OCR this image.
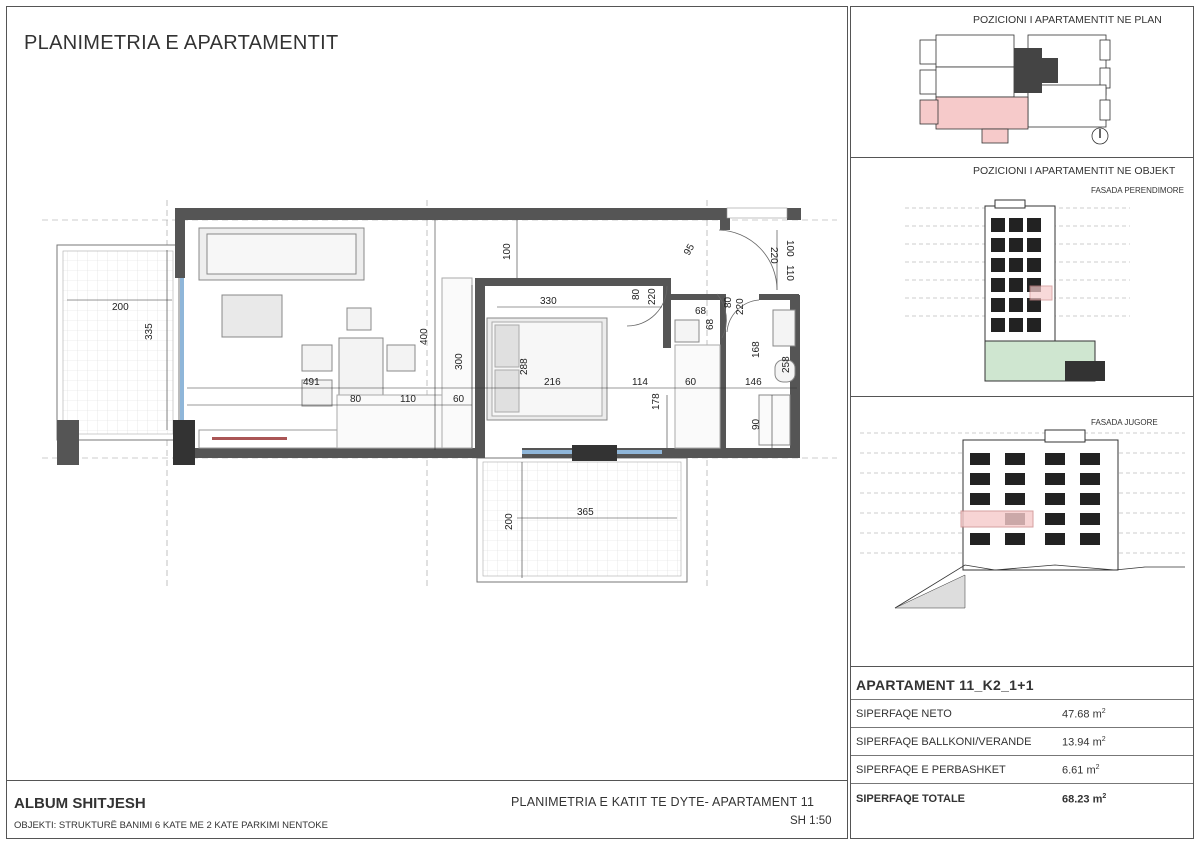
PLANIMETRIA E APARTAMENTIT
200
335
491
400
300
330
100
288
216
95
80 220	80 220
220 100
110
68
68
168
258
80	110	60
114	60	146
178
90
365
200
ALBUM SHITJESH
OBJEKTI: STRUKTURË BANIMI 6 KATE ME 2 KATE PARKIMI NENTOKE
PLANIMETRIA E KATIT TE DYTE- APARTAMENT 11
SH 1:50
POZICIONI I APARTAMENTIT NE PLAN
POZICIONI I APARTAMENTIT NE OBJEKT
FASADA PERENDIMORE
FASADA JUGORE
APARTAMENT 11_K2_1+1
SIPERFAQE NETO	47.68 $m^2$
SIPERFAQE BALLKONI/VERANDE	13.94 $m^2$
SIPERFAQE E PERBASHKET	6.61 $m^2$
SIPERFAQE TOTALE	68.23 $m^2$
